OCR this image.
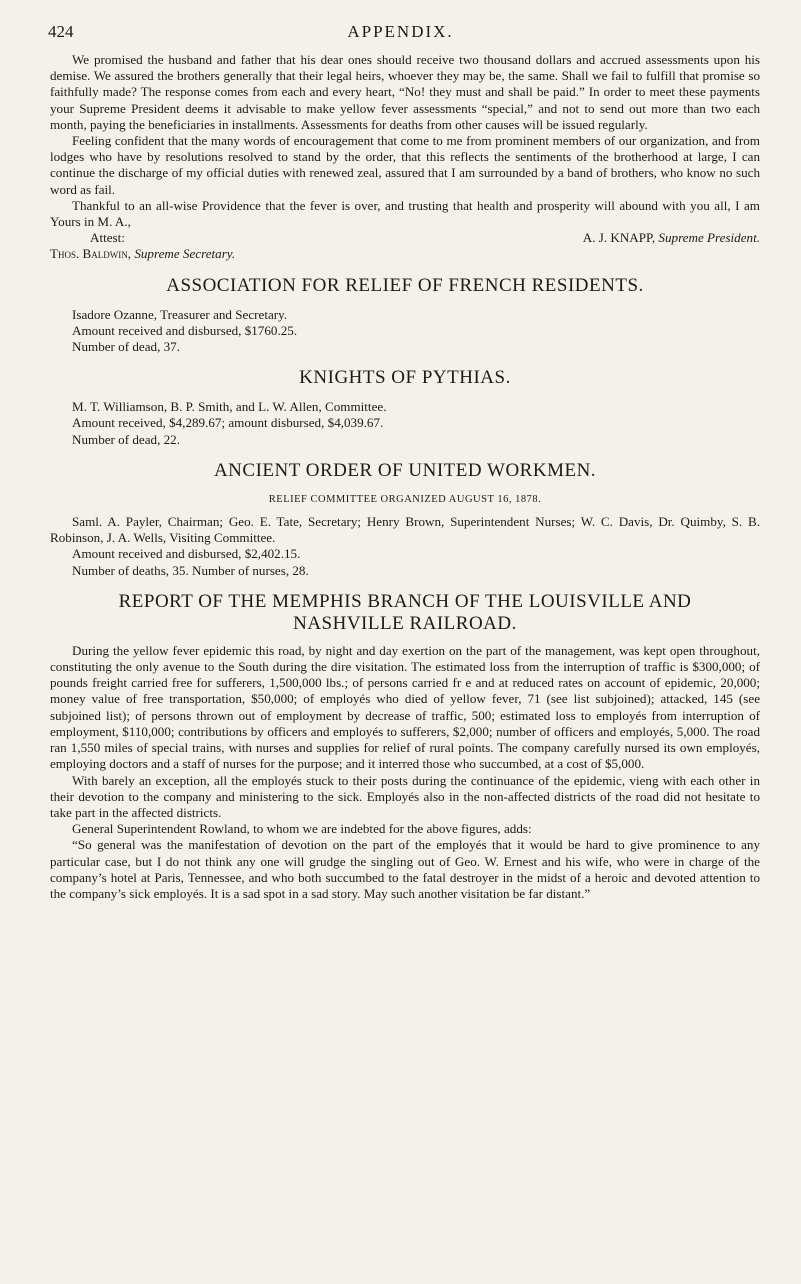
424	APPENDIX.

We promised the husband and father that his dear ones should receive two thousand dollars and accrued assessments upon his demise. We assured the brothers generally that their legal heirs, whoever they may be, the same. Shall we fail to fulfill that promise so faithfully made? The response comes from each and every heart, “No! they must and shall be paid.” In order to meet these payments your Supreme President deems it advisable to make yellow fever assessments “special,” and not to send out more than two each month, paying the beneficiaries in installments. Assessments for deaths from other causes will be issued regularly.

Feeling confident that the many words of encouragement that come to me from prominent members of our organization, and from lodges who have by resolutions resolved to stand by the order, that this reflects the sentiments of the brotherhood at large, I can continue the discharge of my official duties with renewed zeal, assured that I am surrounded by a band of brothers, who know no such word as fail.

Thankful to an all-wise Providence that the fever is over, and trusting that health and prosperity will abound with you all, I am Yours in M. A.,

Attest:	A. J. KNAPP, Supreme President.

Thos. Baldwin, Supreme Secretary.

ASSOCIATION FOR RELIEF OF FRENCH RESIDENTS.

Isadore Ozanne, Treasurer and Secretary.

Amount received and disbursed, $1760.25.

Number of dead, 37.

KNIGHTS OF PYTHIAS.

M. T. Williamson, B. P. Smith, and L. W. Allen, Committee.

Amount received, $4,289.67; amount disbursed, $4,039.67.

Number of dead, 22.

ANCIENT ORDER OF UNITED WORKMEN.
RELIEF COMMITTEE ORGANIZED AUGUST 16, 1878.

Saml. A. Payler, Chairman; Geo. E. Tate, Secretary; Henry Brown, Superintendent Nurses; W. C. Davis, Dr. Quimby, S. B. Robinson, J. A. Wells, Visiting Committee.

Amount received and disbursed, $2,402.15.

Number of deaths, 35. Number of nurses, 28.

REPORT OF THE MEMPHIS BRANCH OF THE LOUISVILLE AND
NASHVILLE RAILROAD.

During the yellow fever epidemic this road, by night and day exertion on the part of the management, was kept open throughout, constituting the only avenue to the South during the dire visitation. The estimated loss from the interruption of traffic is $300,000; of pounds freight carried free for sufferers, 1,500,000 lbs.; of persons carried fr e and at reduced rates on account of epidemic, 20,000; money value of free transportation, $50,000; of employés who died of yellow fever, 71 (see list subjoined); attacked, 145 (see subjoined list); of persons thrown out of employment by decrease of traffic, 500; estimated loss to employés from interruption of employment, $110,000; contributions by officers and employés to sufferers, $2,000; number of officers and employés, 5,000. The road ran 1,550 miles of special trains, with nurses and supplies for relief of rural points. The company carefully nursed its own employés, employing doctors and a staff of nurses for the purpose; and it interred those who succumbed, at a cost of $5,000.

With barely an exception, all the employés stuck to their posts during the continuance of the epidemic, vieng with each other in their devotion to the company and ministering to the sick. Employés also in the non-affected districts of the road did not hesitate to take part in the affected districts.

General Superintendent Rowland, to whom we are indebted for the above figures, adds:

“So general was the manifestation of devotion on the part of the employés that it would be hard to give prominence to any particular case, but I do not think any one will grudge the singling out of Geo. W. Ernest and his wife, who were in charge of the company’s hotel at Paris, Tennessee, and who both succumbed to the fatal destroyer in the midst of a heroic and devoted attention to the company’s sick employés. It is a sad spot in a sad story. May such another visitation be far distant.”
